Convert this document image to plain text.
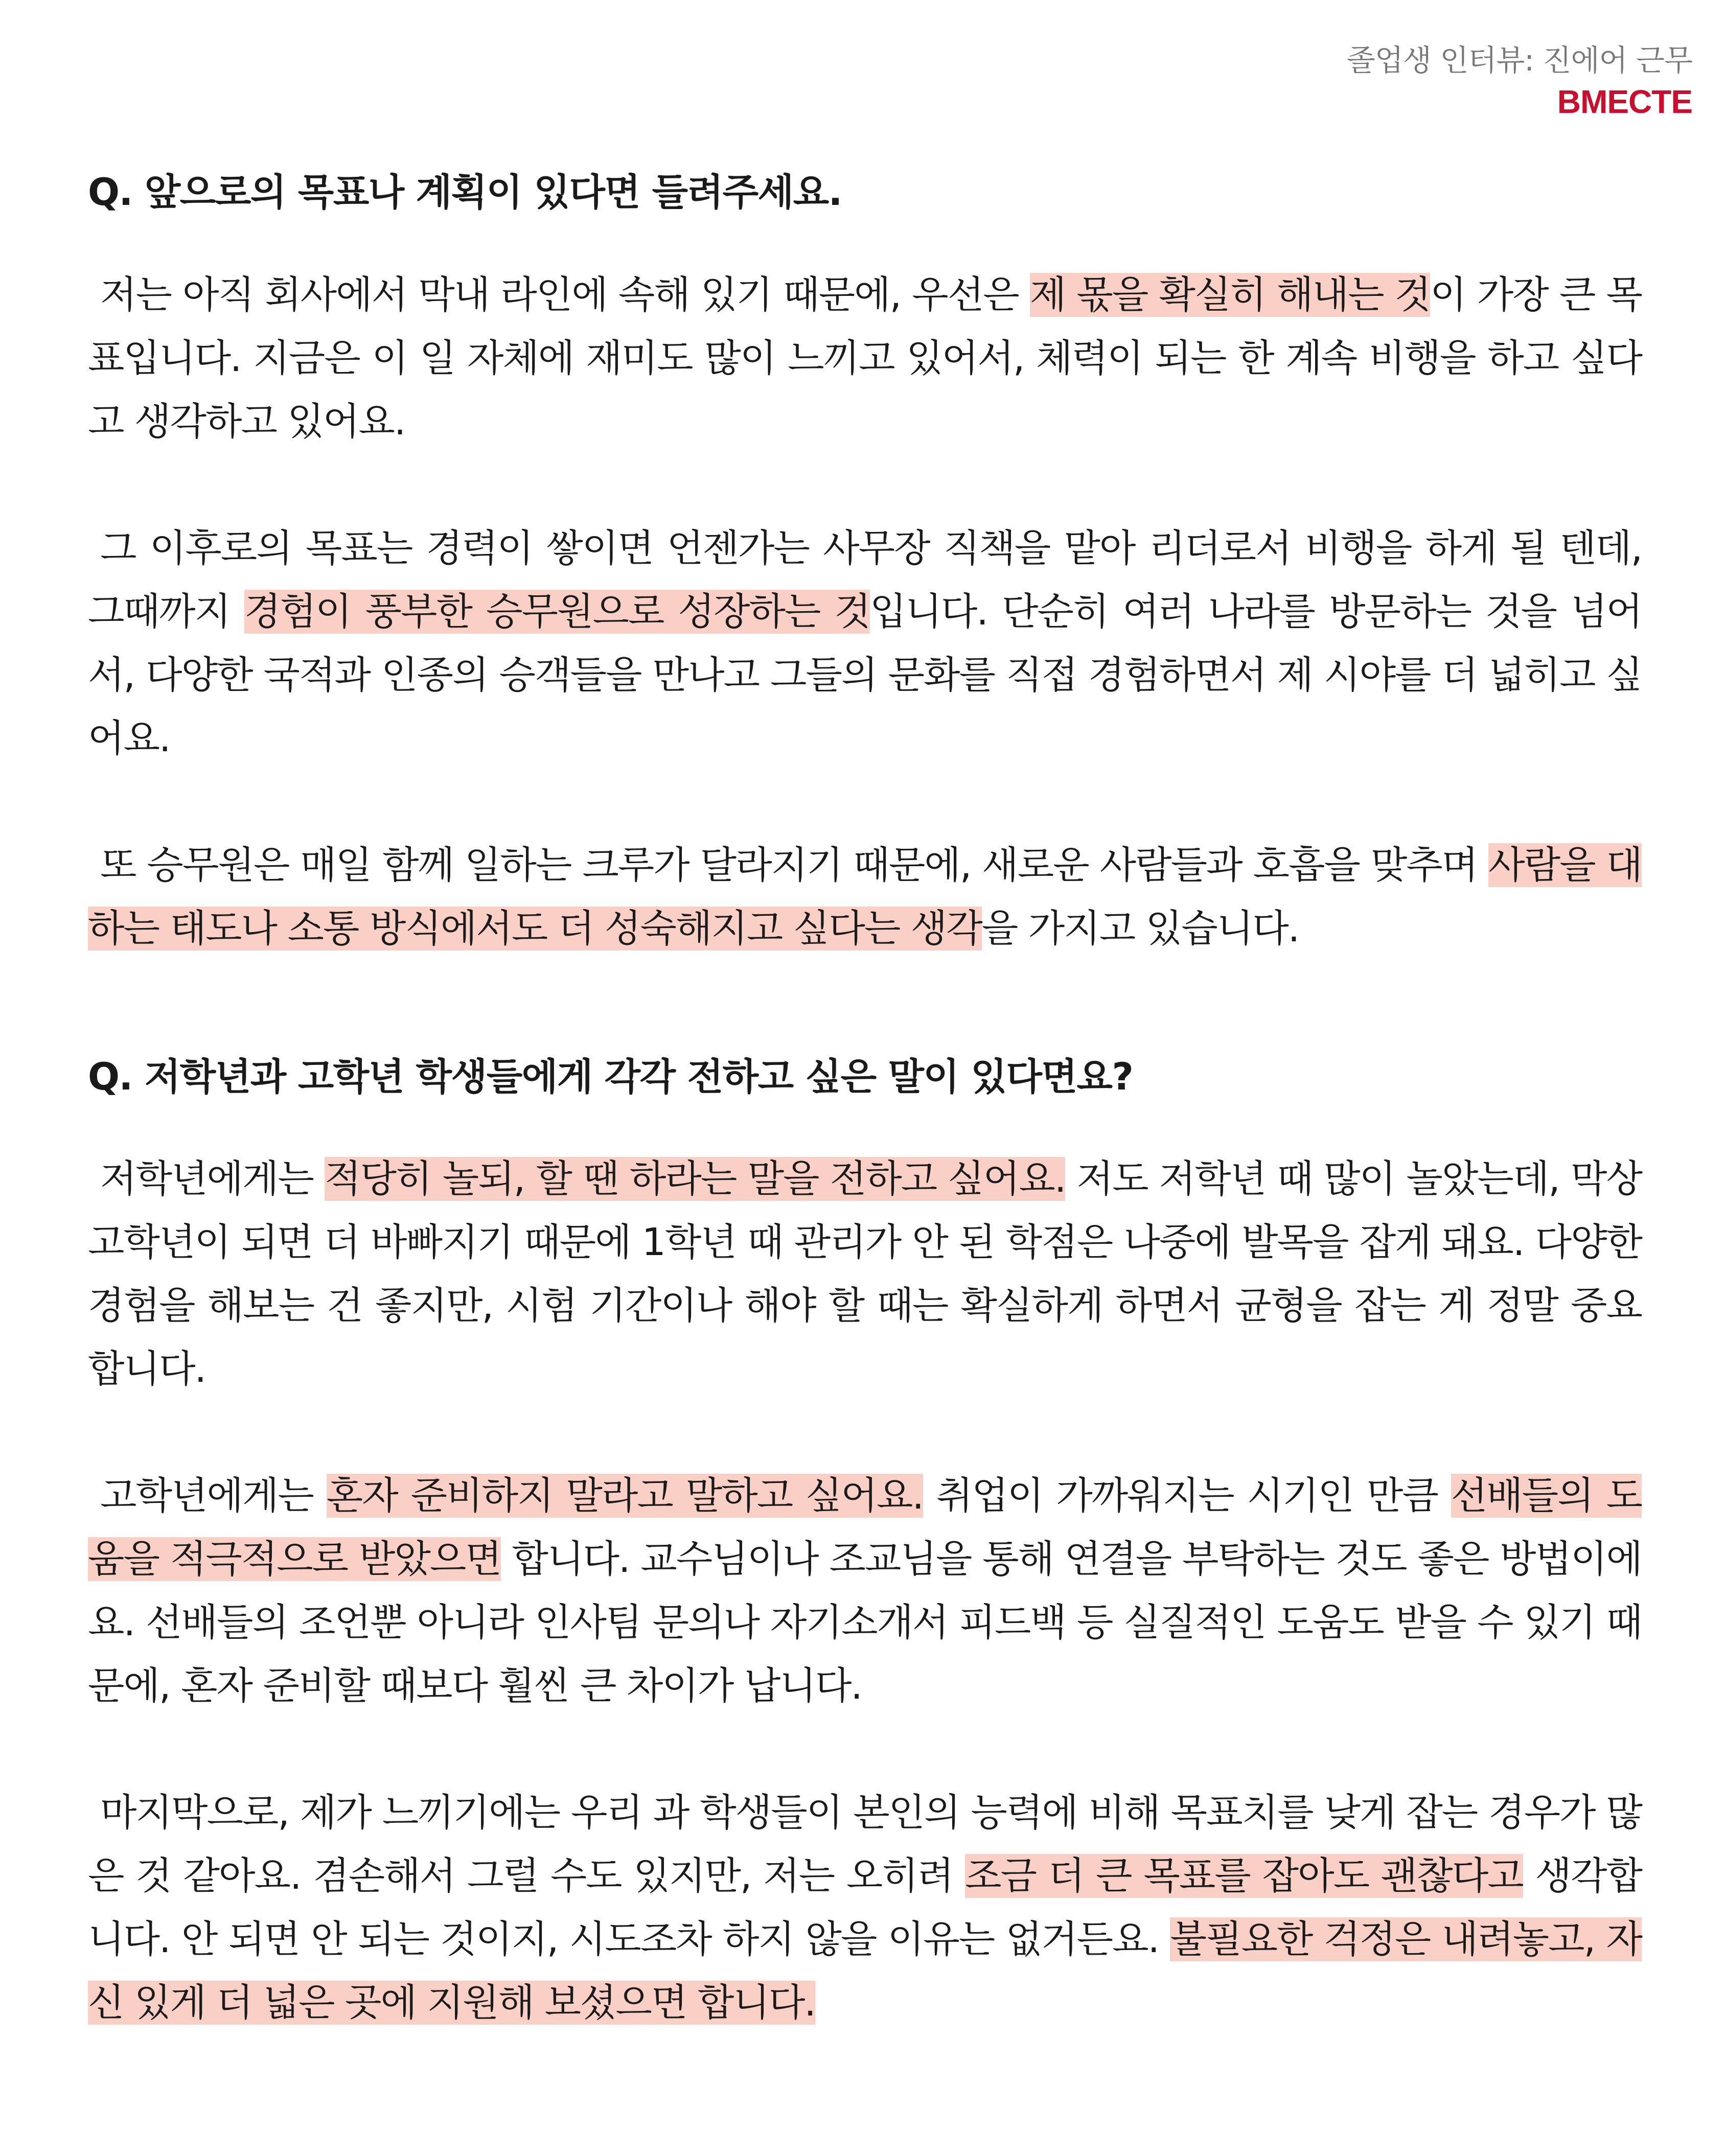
졸업생 인터뷰: 진에어 근무
BMECTE
Q. 앞으로의 목표나 계획이 있다면 들려주세요.

저는 아직 회사에서 막내 라인에 속해 있기 때문에, 우선은 제 몫을 확실히 해내는 것이 가장 큰 목표입니다. 지금은 이 일 자체에 재미도 많이 느끼고 있어서, 체력이 되는 한 계속 비행을 하고 싶다고 생각하고 있어요.

그 이후로의 목표는 경력이 쌓이면 언젠가는 사무장 직책을 맡아 리더로서 비행을 하게 될 텐데, 그때까지 경험이 풍부한 승무원으로 성장하는 것입니다. 단순히 여러 나라를 방문하는 것을 넘어서, 다양한 국적과 인종의 승객들을 만나고 그들의 문화를 직접 경험하면서 제 시야를 더 넓히고 싶어요.

또 승무원은 매일 함께 일하는 크루가 달라지기 때문에, 새로운 사람들과 호흡을 맞추며 사람을 대하는 태도나 소통 방식에서도 더 성숙해지고 싶다는 생각을 가지고 있습니다.

Q. 저학년과 고학년 학생들에게 각각 전하고 싶은 말이 있다면요?

저학년에게는 적당히 놀되, 할 땐 하라는 말을 전하고 싶어요. 저도 저학년 때 많이 놀았는데, 막상 고학년이 되면 더 바빠지기 때문에 1학년 때 관리가 안 된 학점은 나중에 발목을 잡게 돼요. 다양한 경험을 해보는 건 좋지만, 시험 기간이나 해야 할 때는 확실하게 하면서 균형을 잡는 게 정말 중요합니다.

고학년에게는 혼자 준비하지 말라고 말하고 싶어요. 취업이 가까워지는 시기인 만큼 선배들의 도움을 적극적으로 받았으면 합니다. 교수님이나 조교님을 통해 연결을 부탁하는 것도 좋은 방법이에요. 선배들의 조언뿐 아니라 인사팀 문의나 자기소개서 피드백 등 실질적인 도움도 받을 수 있기 때문에, 혼자 준비할 때보다 훨씬 큰 차이가 납니다.

마지막으로, 제가 느끼기에는 우리 과 학생들이 본인의 능력에 비해 목표치를 낮게 잡는 경우가 많은 것 같아요. 겸손해서 그럴 수도 있지만, 저는 오히려 조금 더 큰 목표를 잡아도 괜찮다고 생각합니다. 안 되면 안 되는 것이지, 시도조차 하지 않을 이유는 없거든요. 불필요한 걱정은 내려놓고, 자신 있게 더 넓은 곳에 지원해 보셨으면 합니다.
